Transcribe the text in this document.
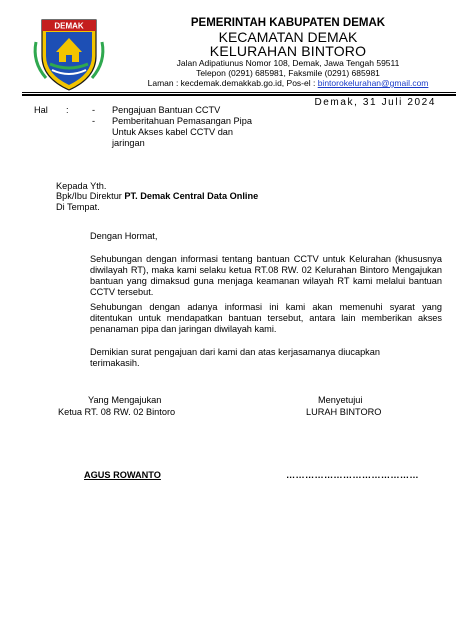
DEMAK	PEMERINTAH KABUPATEN DEMAK
KECAMATAN DEMAK
KELURAHAN BINTORO
Jalan Adipatiunus Nomor 108, Demak, Jawa Tengah 59511
Telepon (0291) 685981, Faksmile (0291) 685981
Laman : kecdemak.demakkab.go.id, Pos-el : bintorokelurahan@gmail.com
Demak, 31 Juli 2024
Hal :	- Pengajuan Bantuan CCTV
- Pemberitahuan Pemasangan Pipa
Untuk Akses kabel CCTV dan
jaringan
Kepada Yth.
Bpk/Ibu Direktur PT. Demak Central Data Online
Di Tempat.
Dengan Hormat,
Sehubungan dengan informasi tentang bantuan CCTV untuk Kelurahan (khususnya diwilayah RT), maka kami selaku ketua RT.08 RW. 02 Kelurahan Bintoro Mengajukan bantuan yang dimaksud guna menjaga keamanan wilayah RT kami melalui bantuan CCTV tersebut.
Sehubungan dengan adanya informasi ini kami akan memenuhi syarat yang ditentukan untuk mendapatkan bantuan tersebut, antara lain memberikan akses penanaman pipa dan jaringan diwilayah kami.
Demikian surat pengajuan dari kami dan atas kerjasamanya diucapkan terimakasih.
Yang Mengajukan
Ketua RT. 08 RW. 02 Bintoro
Menyetujui
LURAH BINTORO
AGUS ROWANTO	……………………………………
